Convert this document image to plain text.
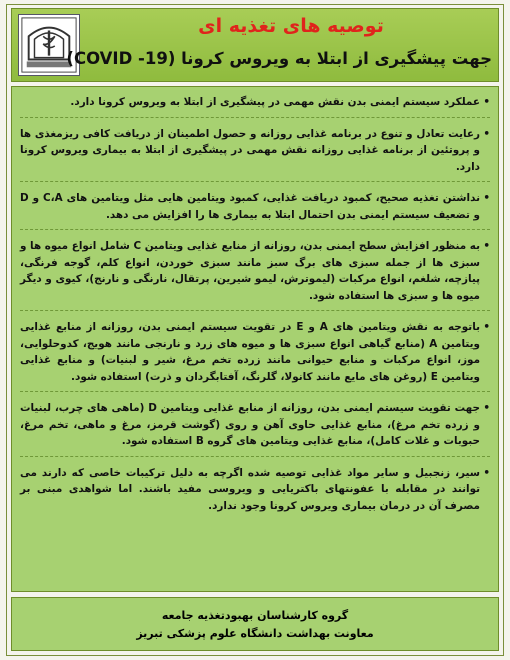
توصیه های تغذیه ای
جهت پیشگیری از ابتلا به ویروس کرونا (COVID -19)
•
عملکرد سیستم ایمنی بدن نقش مهمی در پیشگیری از ابتلا به ویروس کرونا دارد.
•
رعایت تعادل و تنوع در برنامه غذایی روزانه و حصول اطمینان از دریافت کافی ریزمغذی ها و پروتئین از برنامه غذایی روزانه نقش مهمی در پیشگیری از ابتلا به بیماری ویروس کرونا دارد.
•
نداشتن تغذیه صحیح، کمبود دریافت غذایی، کمبود ویتامین هایی مثل ویتامین های C،A و D و تضعیف سیستم ایمنی بدن احتمال ابتلا به بیماری ها را افزایش می دهد.
•
به منظور افزایش سطح ایمنی بدن، روزانه از منابع غذایی ویتامین C شامل انواع میوه ها و سبزی ها از جمله سبزی های برگ سبز مانند سبزی خوردن، انواع کلم، گوجه فرنگی، پیازچه، شلغم، انواع مرکبات (لیموترش، لیمو شیرین، پرتقال، نارنگی و نارنج)، کیوی و دیگر میوه ها و سبزی ها استفاده شود.
•
باتوجه به نقش ویتامین های A و E در تقویت سیستم ایمنی بدن، روزانه از منابع غذایی ویتامین A (منابع گیاهی انواع سبزی ها و میوه های زرد و نارنجی مانند هویج، کدوحلوایی، موز، انواع مرکبات و منابع حیوانی مانند زرده تخم مرغ، شیر و لبنیات) و منابع غذایی ویتامین E (روغن های مایع مانند کانولا، گلرنگ، آفتابگردان و ذرت) استفاده شود.
•
جهت تقویت سیستم ایمنی بدن، روزانه از منابع غذایی ویتامین D (ماهی های چرب، لبنیات و زرده تخم مرغ)، منابع غذایی حاوی آهن و روی (گوشت قرمز، مرغ و ماهی، تخم مرغ، حبوبات و غلات کامل)، منابع غذایی ویتامین های گروه B استفاده شود.
•
سیر، زنجبیل و سایر مواد غذایی توصیه شده اگرچه به دلیل ترکیبات خاصی که دارند می توانند در مقابله با عفونتهای باکتریایی و ویروسی مفید باشند. اما شواهدی مبنی بر مصرف آن در درمان بیماری ویروس کرونا وجود ندارد.
گروه کارشناسان بهبودتغذیه جامعه
معاونت بهداشت دانشگاه علوم پزشکی تبریز
